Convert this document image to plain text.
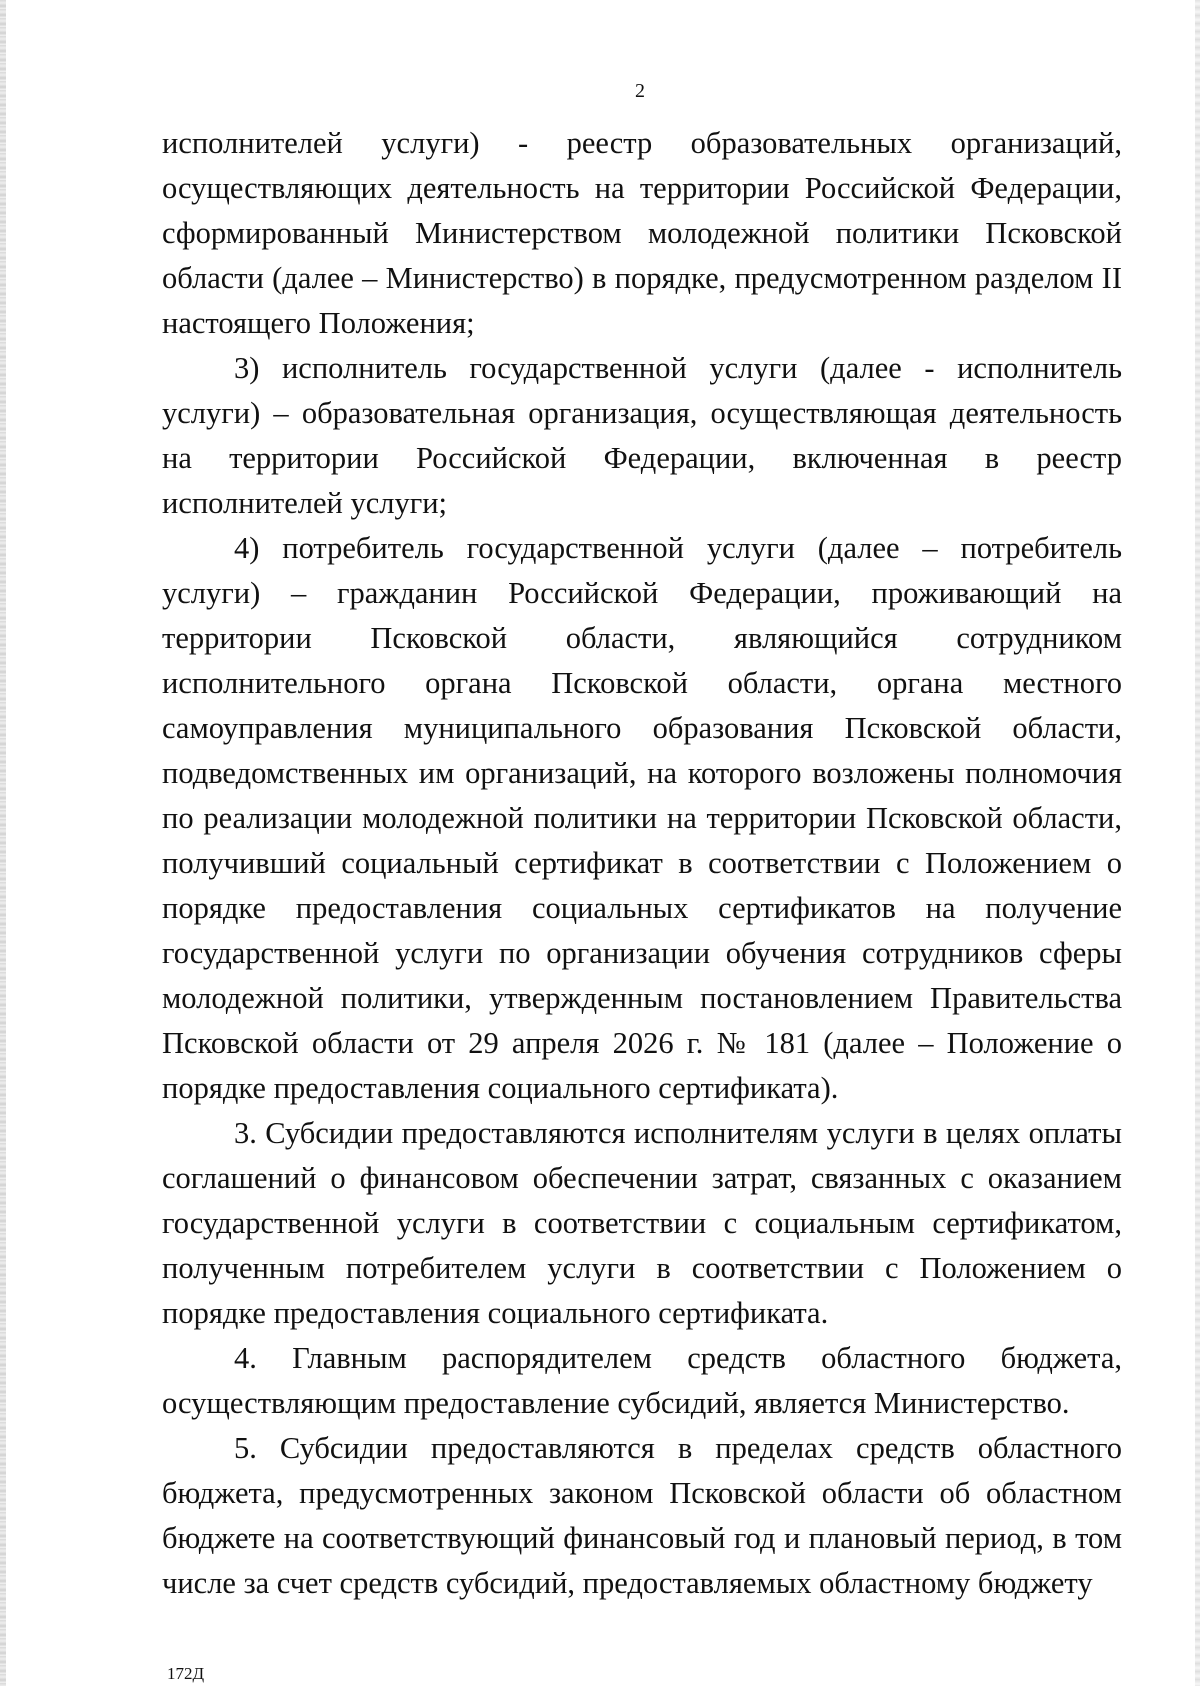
2

исполнителей услуги) - реестр образовательных организаций, осуществляющих деятельность на территории Российской Федерации, сформированный Министерством молодежной политики Псковской области (далее – Министерство) в порядке, предусмотренном разделом II настоящего Положения;

3) исполнитель государственной услуги (далее - исполнитель услуги) – образовательная организация, осуществляющая деятельность на территории Российской Федерации, включенная в реестр исполнителей услуги;

4) потребитель государственной услуги (далее – потребитель услуги) – гражданин Российской Федерации, проживающий на территории Псковской области, являющийся сотрудником исполнительного органа Псковской области, органа местного самоуправления муниципального образования Псковской области, подведомственных им организаций, на которого возложены полномочия по реализации молодежной политики на территории Псковской области, получивший социальный сертификат в соответствии с Положением о порядке предоставления социальных сертификатов на получение государственной услуги по организации обучения сотрудников сферы молодежной политики, утвержденным постановлением Правительства Псковской области от 29 апреля 2026 г. № 181 (далее – Положение о порядке предоставления социального сертификата).

3. Субсидии предоставляются исполнителям услуги в целях оплаты соглашений о финансовом обеспечении затрат, связанных с оказанием государственной услуги в соответствии с социальным сертификатом, полученным потребителем услуги в соответствии с Положением о порядке предоставления социального сертификата.

4. Главным распорядителем средств областного бюджета, осуществляющим предоставление субсидий, является Министерство.

5. Субсидии предоставляются в пределах средств областного бюджета, предусмотренных законом Псковской области об областном бюджете на соответствующий финансовый год и плановый период, в том числе за счет средств субсидий, предоставляемых областному бюджету

172Д
